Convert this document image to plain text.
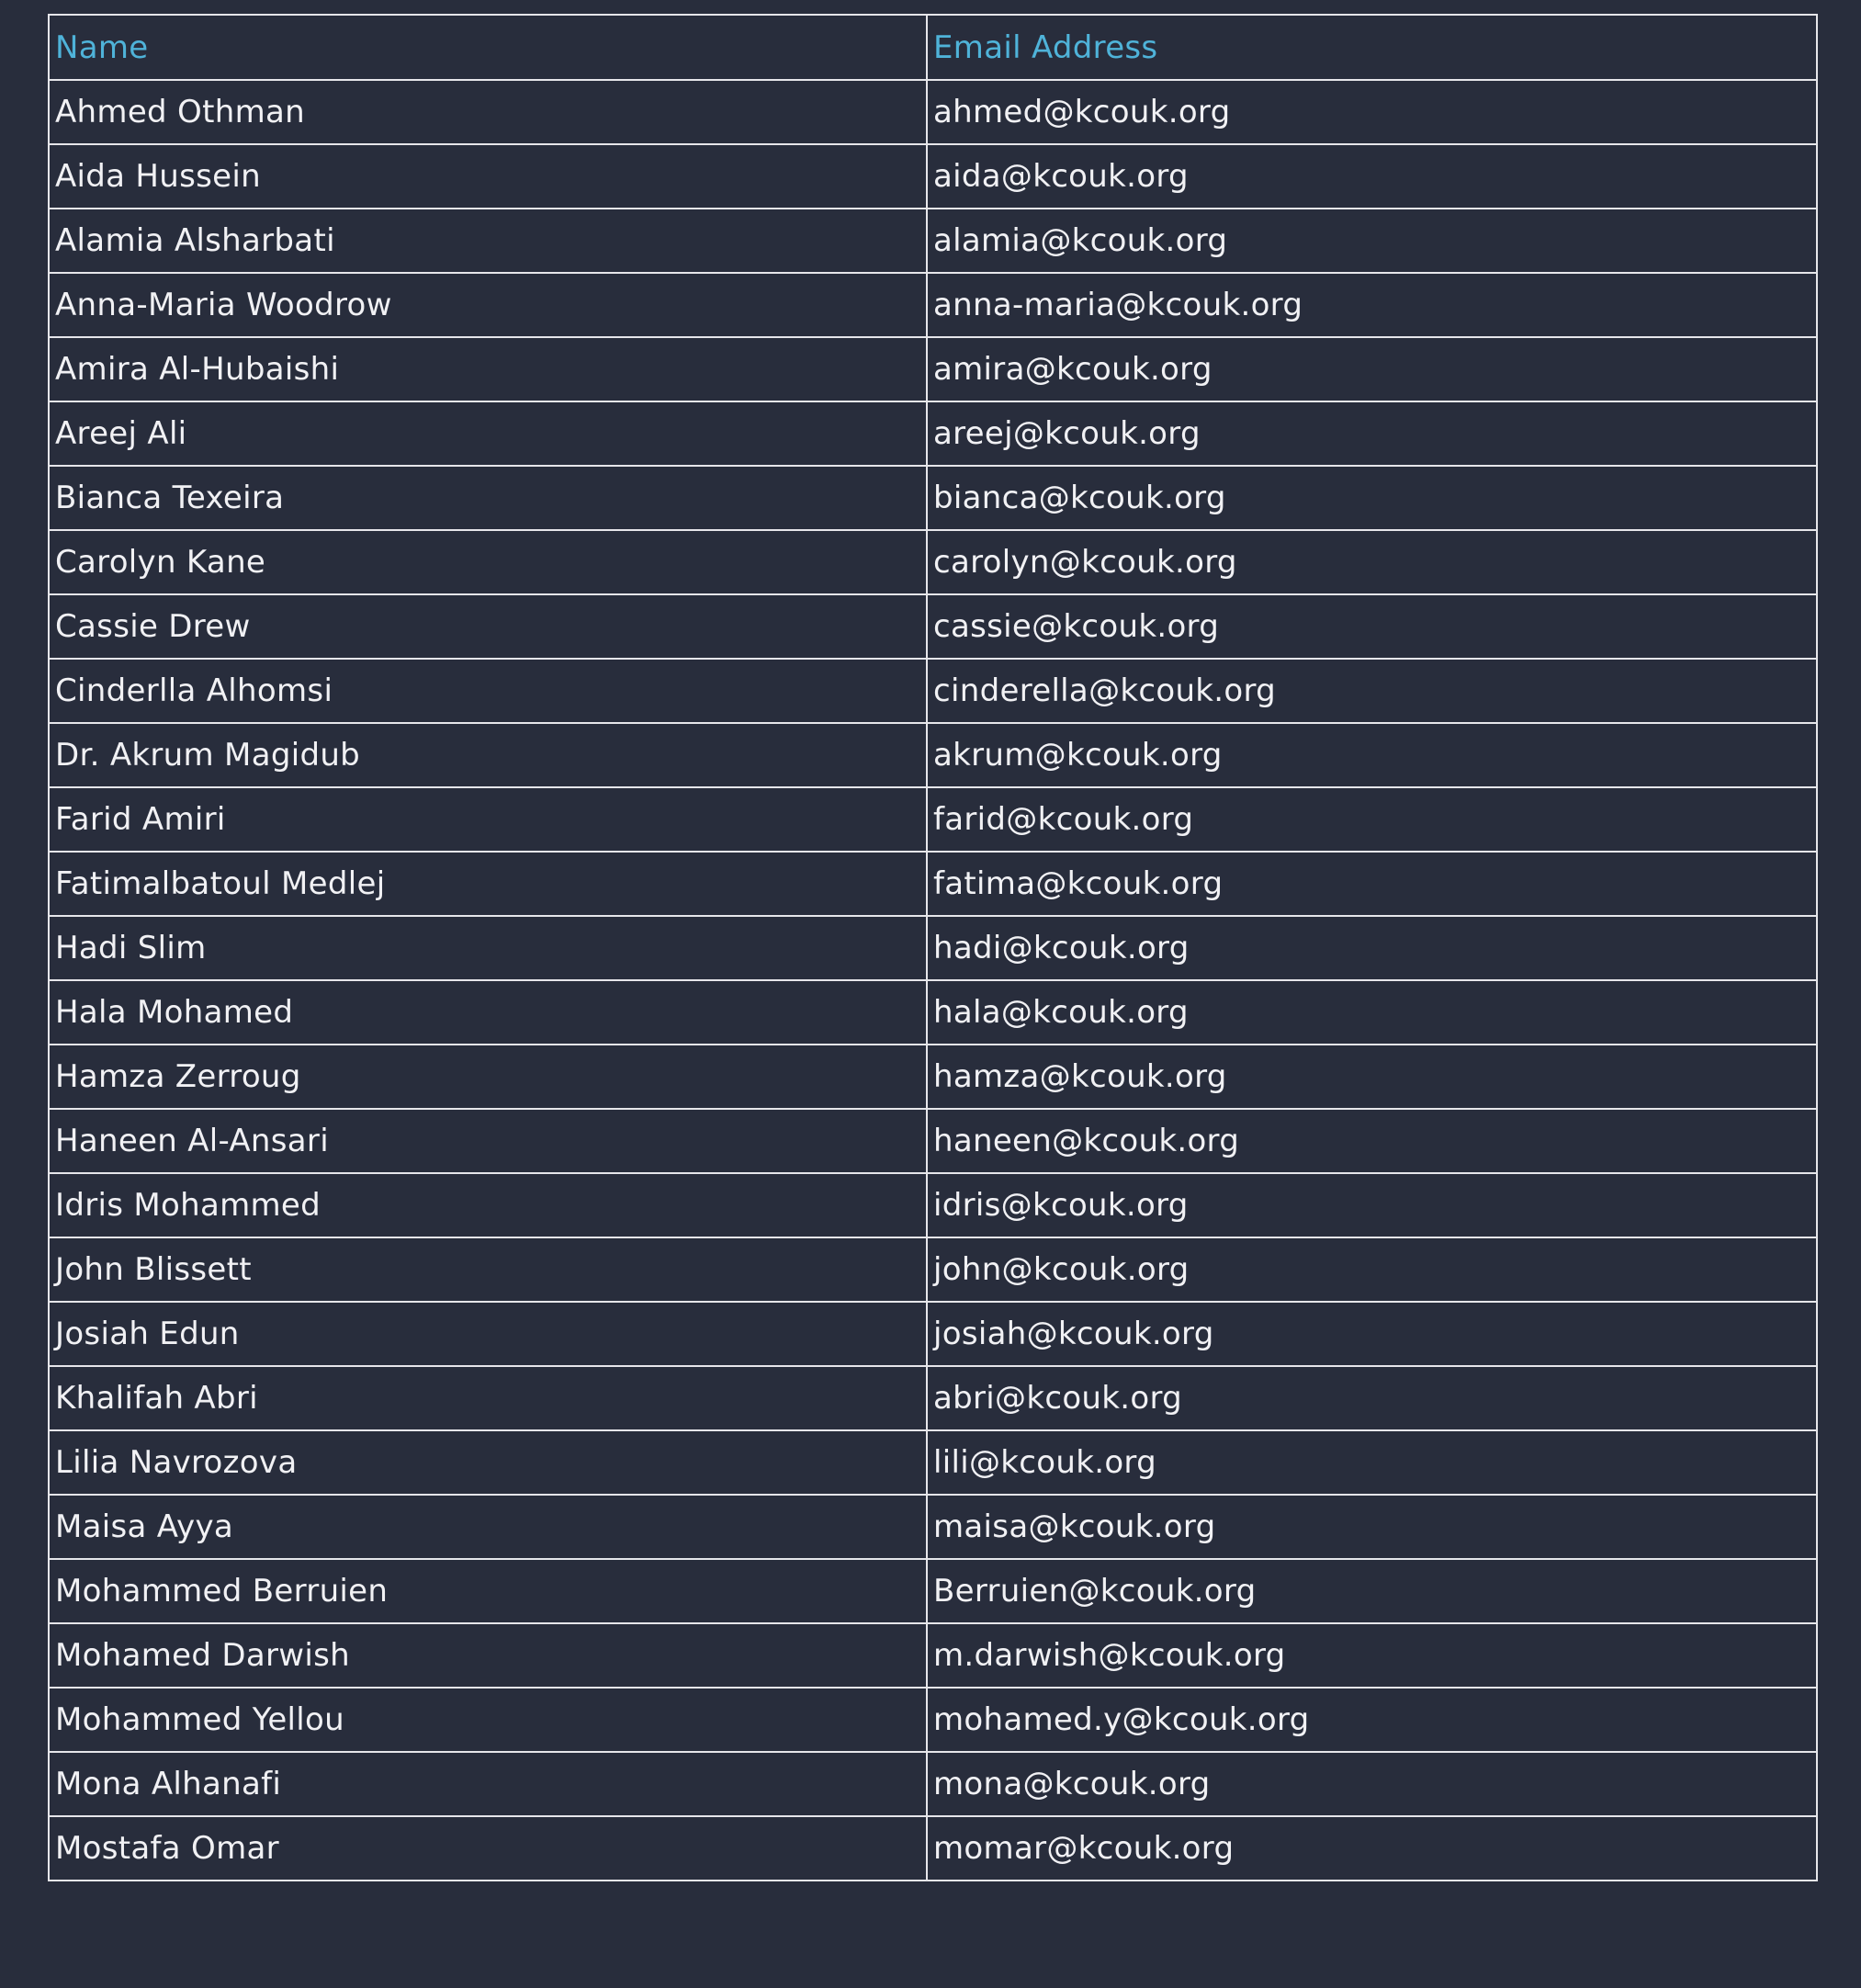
Name	Email Address
Ahmed Othman	ahmed@kcouk.org
Aida Hussein	aida@kcouk.org
Alamia Alsharbati	alamia@kcouk.org
Anna-Maria Woodrow	anna-maria@kcouk.org
Amira Al-Hubaishi	amira@kcouk.org
Areej Ali	areej@kcouk.org
Bianca Texeira	bianca@kcouk.org
Carolyn Kane	carolyn@kcouk.org
Cassie Drew	cassie@kcouk.org
Cinderlla Alhomsi	cinderella@kcouk.org
Dr. Akrum Magidub	akrum@kcouk.org
Farid Amiri	farid@kcouk.org
Fatimalbatoul Medlej	fatima@kcouk.org
Hadi Slim	hadi@kcouk.org
Hala Mohamed	hala@kcouk.org
Hamza Zerroug	hamza@kcouk.org
Haneen Al-Ansari	haneen@kcouk.org
Idris Mohammed	idris@kcouk.org
John Blissett	john@kcouk.org
Josiah Edun	josiah@kcouk.org
Khalifah Abri	abri@kcouk.org
Lilia Navrozova	lili@kcouk.org
Maisa Ayya	maisa@kcouk.org
Mohammed Berruien	Berruien@kcouk.org
Mohamed Darwish	m.darwish@kcouk.org
Mohammed Yellou	mohamed.y@kcouk.org
Mona Alhanafi	mona@kcouk.org
Mostafa Omar	momar@kcouk.org
